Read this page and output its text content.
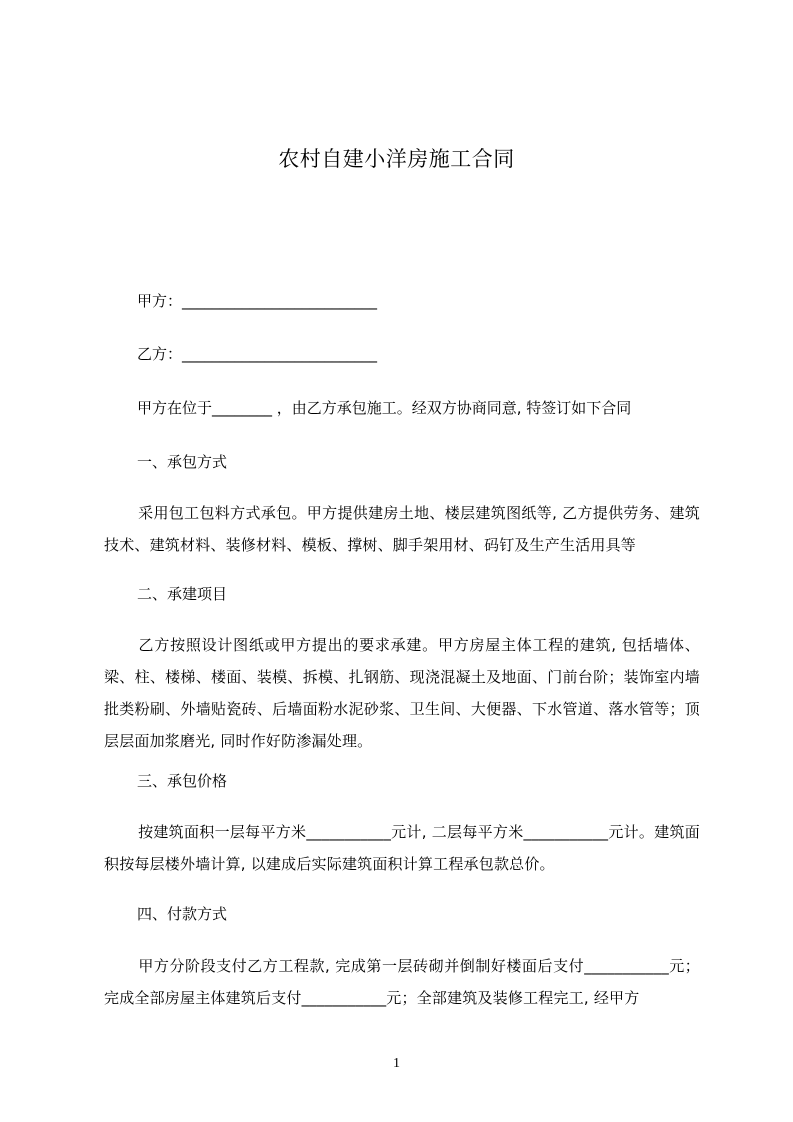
农村自建小洋房施工合同
甲方：__________________________
乙方：__________________________
甲方在位于________ ，由乙方承包施工。经双方协商同意, 特签订如下合同
一、承包方式
采用包工包料方式承包。甲方提供建房土地、楼层建筑图纸等, 乙方提供劳务、建筑技术、建筑材料、装修材料、模板、撑树、脚手架用材、码钉及生产生活用具等
二、承建项目
乙方按照设计图纸或甲方提出的要求承建。甲方房屋主体工程的建筑, 包括墙体、梁、柱、楼梯、楼面、装模、拆模、扎钢筋、现浇混凝土及地面、门前台阶；装饰室内墙批类粉刷、外墙贴瓷砖、后墙面粉水泥砂浆、卫生间、大便器、下水管道、落水管等；顶层层面加浆磨光, 同时作好防渗漏处理。
三、承包价格
按建筑面积一层每平方米___________元计, 二层每平方米___________元计。建筑面积按每层楼外墙计算, 以建成后实际建筑面积计算工程承包款总价。
四、付款方式
甲方分阶段支付乙方工程款, 完成第一层砖砌并倒制好楼面后支付___________元；完成全部房屋主体建筑后支付___________元；全部建筑及装修工程完工, 经甲方
1
